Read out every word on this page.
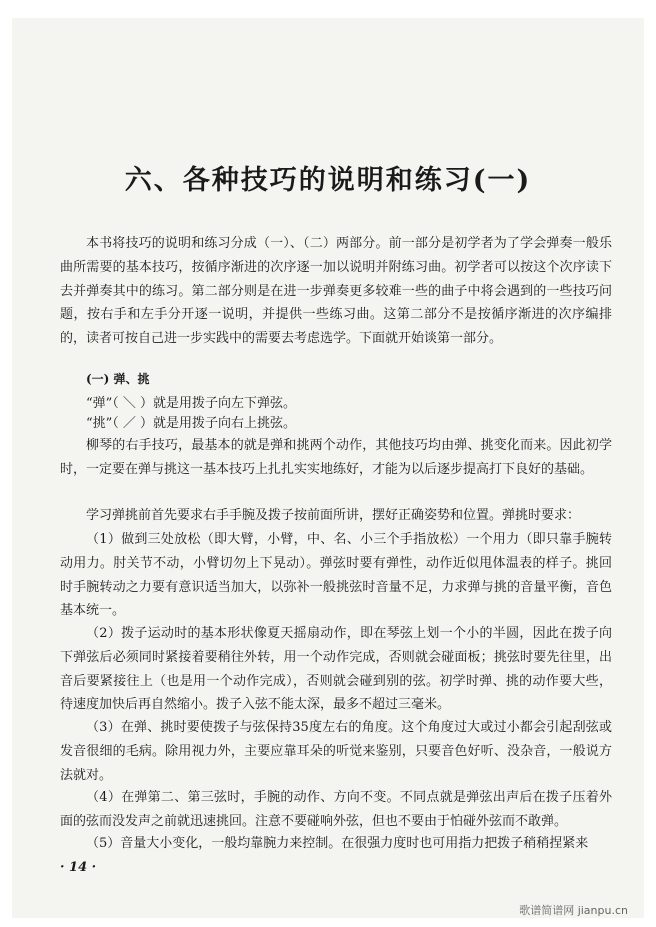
六、各种技巧的说明和练习(一)

本书将技巧的说明和练习分成（一）、（二）两部分。前一部分是初学者为了学会弹奏一般乐曲所需要的基本技巧，按循序渐进的次序逐一加以说明并附练习曲。初学者可以按这个次序读下去并弹奏其中的练习。第二部分则是在进一步弹奏更多较难一些的曲子中将会遇到的一些技巧问题，按右手和左手分开逐一说明，并提供一些练习曲。这第二部分不是按循序渐进的次序编排的，读者可按自己进一步实践中的需要去考虑选学。下面就开始谈第一部分。

(一) 弹、挑
“弹”（ ＼ ）就是用拨子向左下弹弦。
“挑”（ ／ ）就是用拨子向右上挑弦。

柳琴的右手技巧，最基本的就是弹和挑两个动作，其他技巧均由弹、挑变化而来。因此初学时，一定要在弹与挑这一基本技巧上扎扎实实地练好，才能为以后逐步提高打下良好的基础。

学习弹挑前首先要求右手手腕及拨子按前面所讲，摆好正确姿势和位置。弹挑时要求：

（1）做到三处放松（即大臂，小臂，中、名、小三个手指放松）一个用力（即只靠手腕转动用力。肘关节不动，小臂切勿上下晃动）。弹弦时要有弹性，动作近似甩体温表的样子。挑回时手腕转动之力要有意识适当加大，以弥补一般挑弦时音量不足，力求弹与挑的音量平衡，音色基本统一。

（2）拨子运动时的基本形状像夏天摇扇动作，即在琴弦上划一个小的半圆，因此在拨子向下弹弦后必须同时紧接着要稍往外转，用一个动作完成，否则就会碰面板；挑弦时要先往里，出音后要紧接往上（也是用一个动作完成），否则就会碰到别的弦。初学时弹、挑的动作要大些，待速度加快后再自然缩小。拨子入弦不能太深，最多不超过三毫米。

（3）在弹、挑时要使拨子与弦保持35度左右的角度。这个角度过大或过小都会引起刮弦或发音很细的毛病。除用视力外，主要应靠耳朵的听觉来鉴别，只要音色好听、没杂音，一般说方法就对。

（4）在弹第二、第三弦时，手腕的动作、方向不变。不同点就是弹弦出声后在拨子压着外面的弦而没发声之前就迅速挑回。注意不要碰响外弦，但也不要由于怕碰外弦而不敢弹。

（5）音量大小变化，一般均靠腕力来控制。在很强力度时也可用指力把拨子稍稍捏紧来

· 14 ·
歌谱简谱网 jianpu.cn
